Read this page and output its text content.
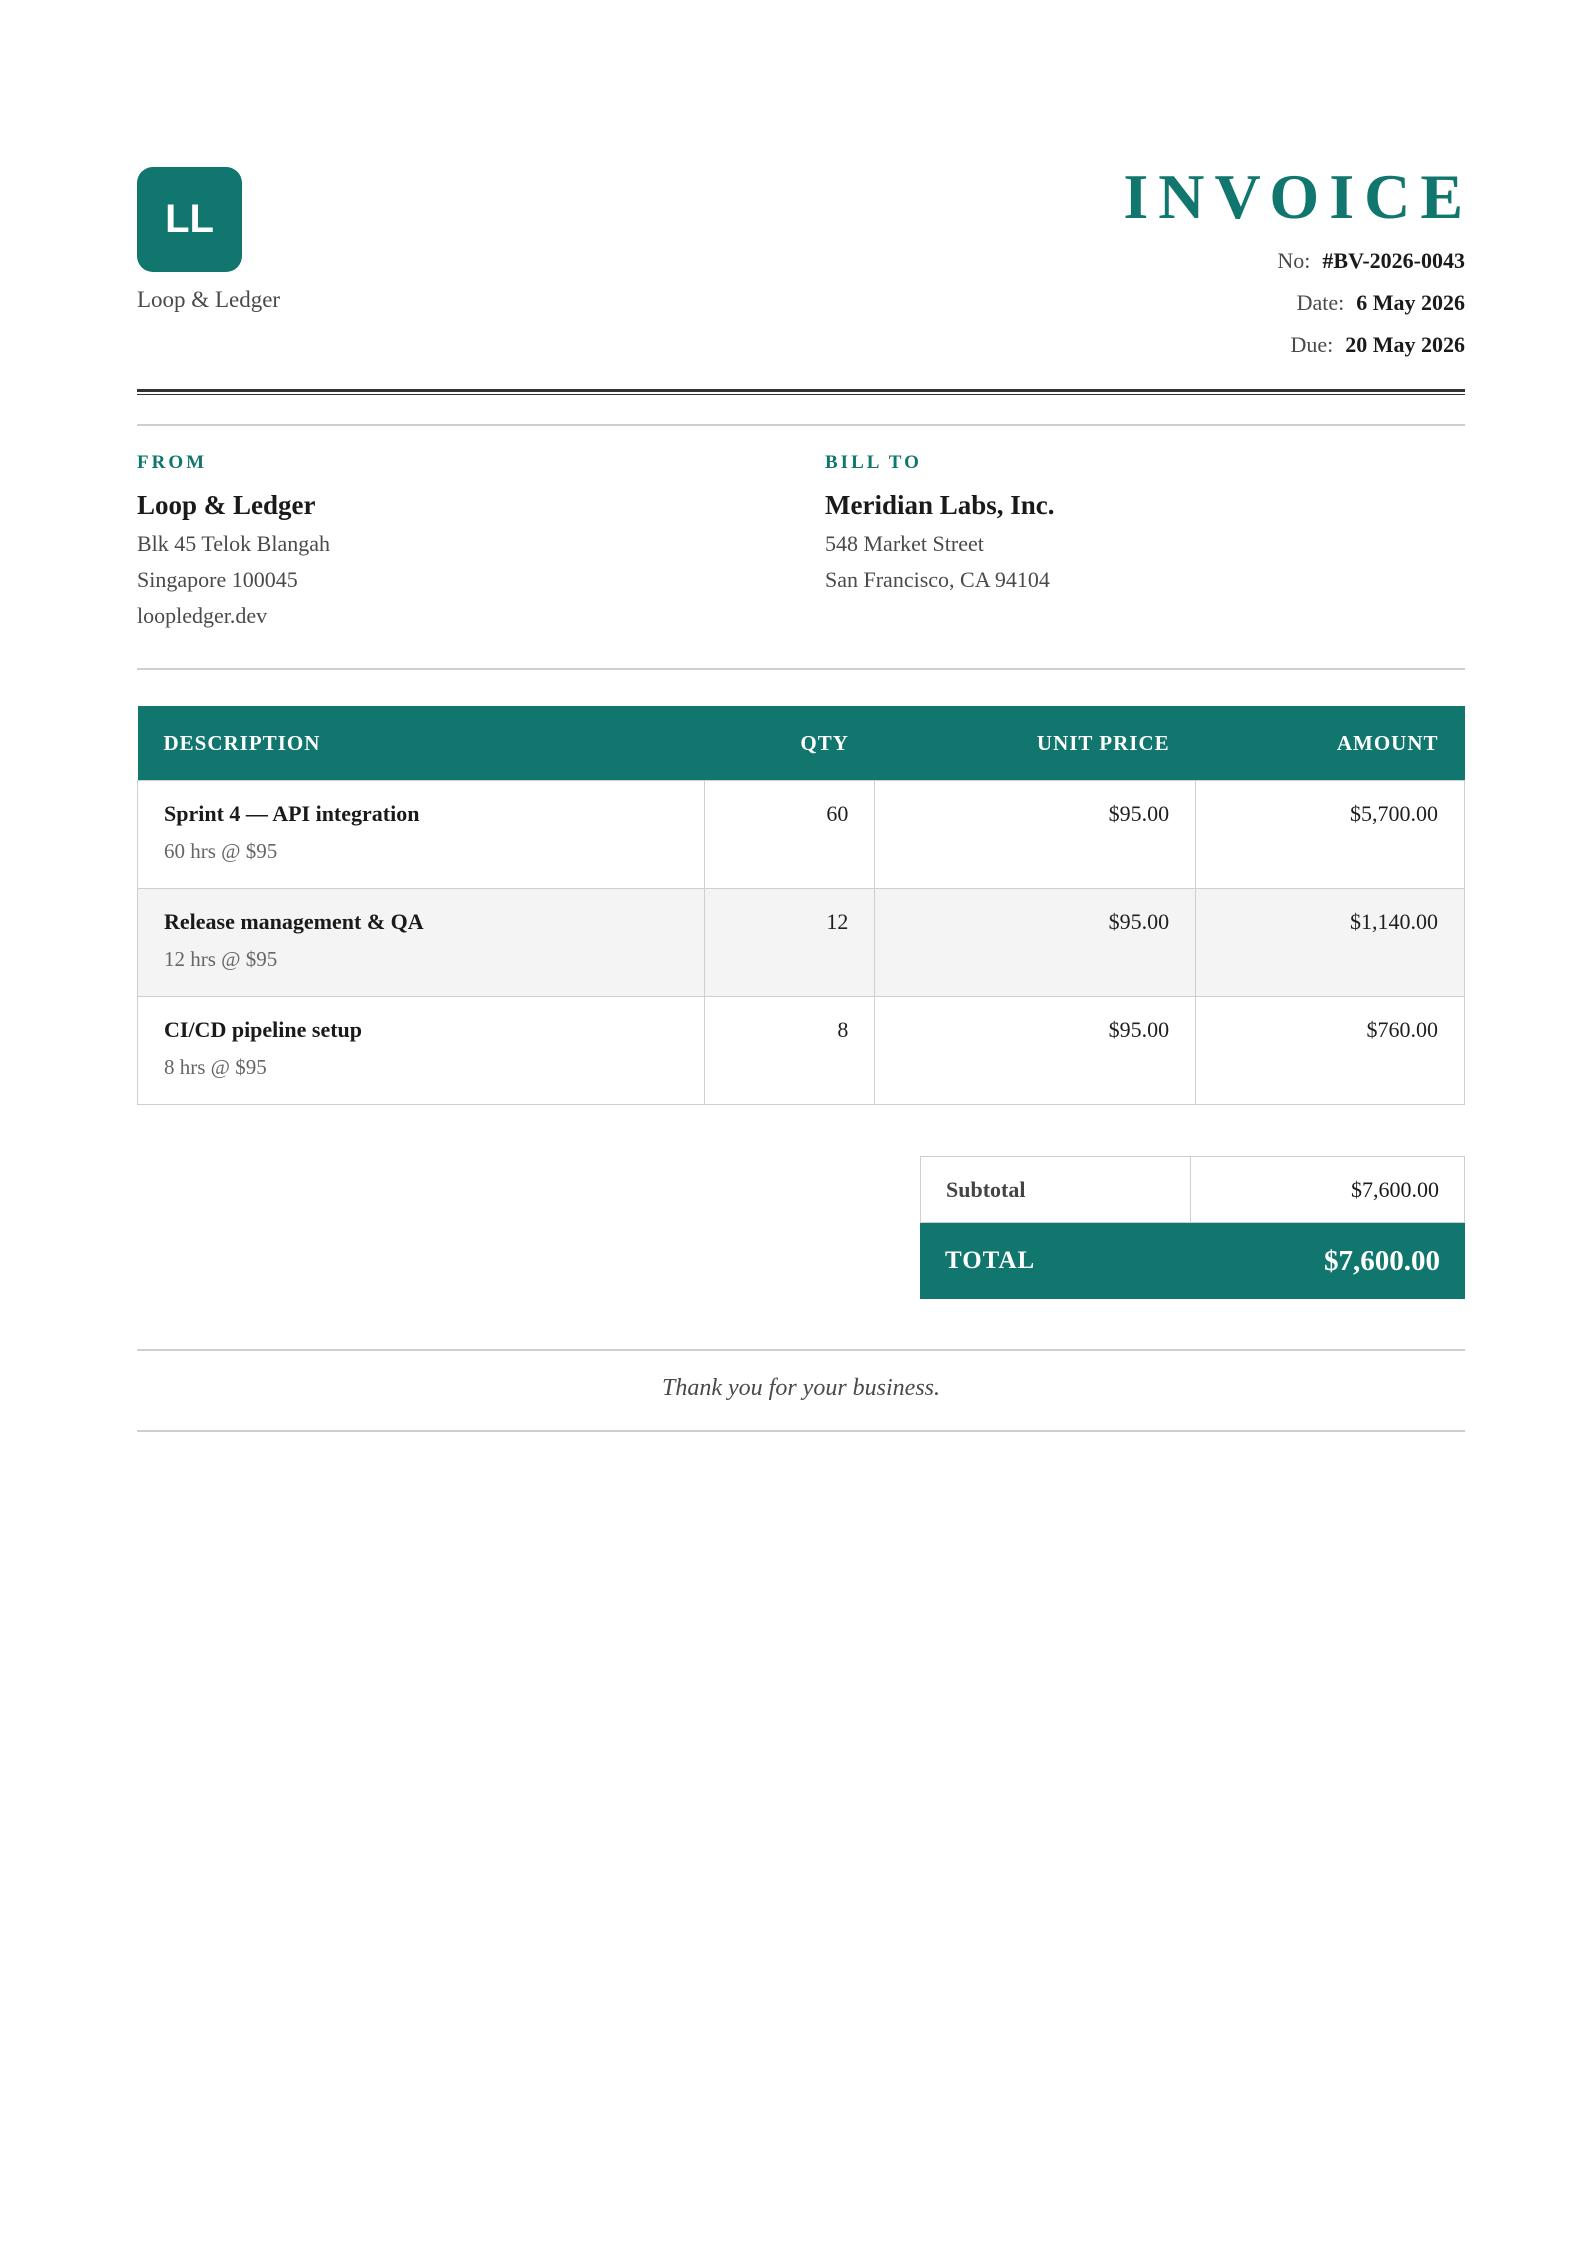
LL
Loop & Ledger
INVOICE
No: #BV-2026-0043
Date: 6 May 2026
Due: 20 May 2026
FROM
Loop & Ledger
Blk 45 Telok Blangah
Singapore 100045
loopledger.dev
BILL TO
Meridian Labs, Inc.
548 Market Street
San Francisco, CA 94104
DESCRIPTION	QTY	UNIT PRICE	AMOUNT

Sprint 4 — API integration
60 hrs @ $95	60	$95.00	$5,700.00

Release management & QA
12 hrs @ $95	12	$95.00	$1,140.00

CI/CD pipeline setup
8 hrs @ $95	8	$95.00	$760.00
Subtotal	$7,600.00
TOTAL	$7,600.00
Thank you for your business.
